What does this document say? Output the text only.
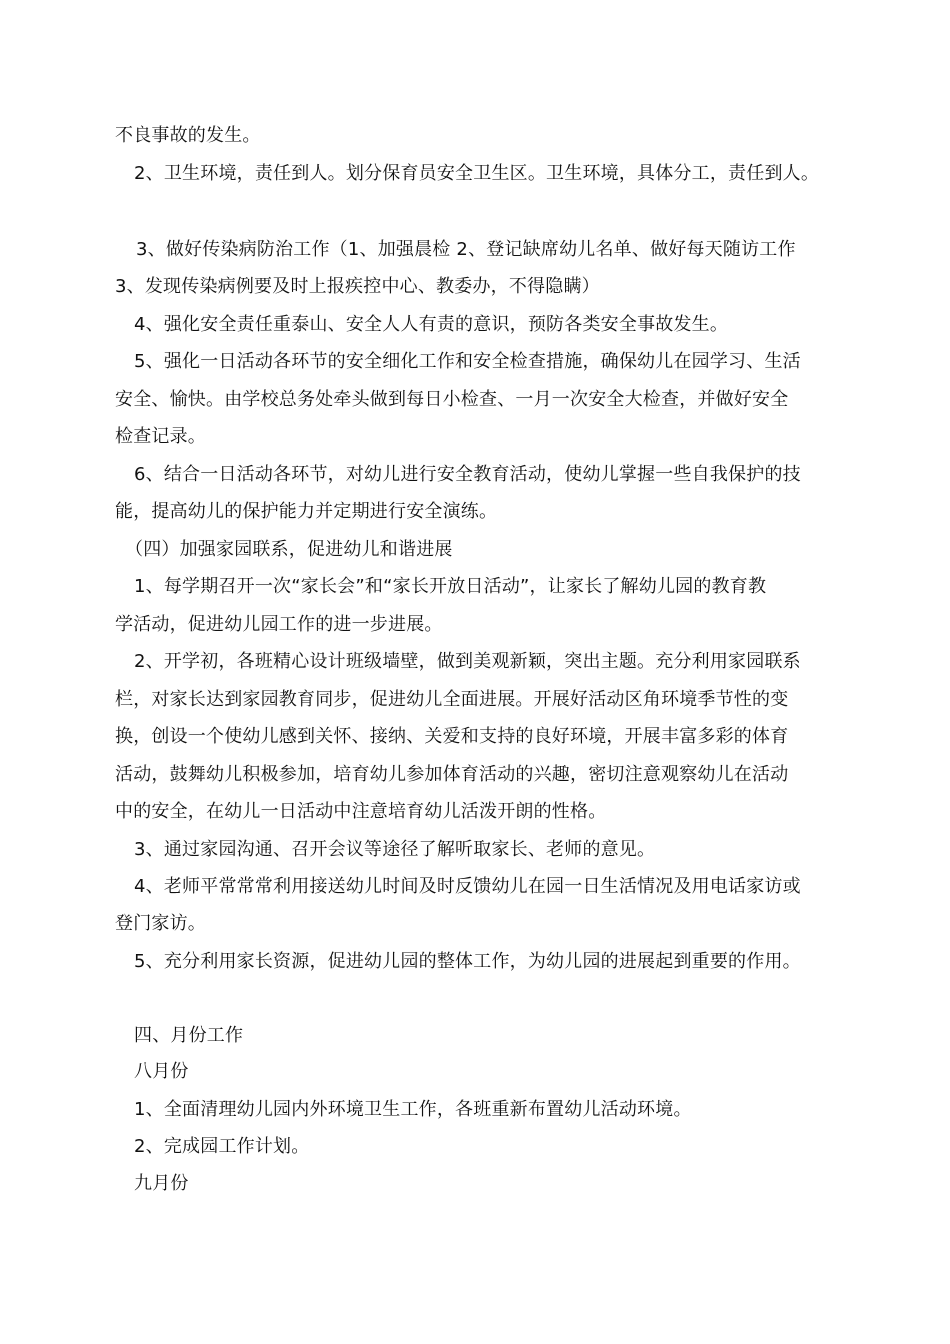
不良事故的发生。
2、卫生环境，责任到人。划分保育员安全卫生区。卫生环境，具体分工，责任到人。
3、做好传染病防治工作（1、加强晨检 2、登记缺席幼儿名单、做好每天随访工作
3、发现传染病例要及时上报疾控中心、教委办，不得隐瞒）
4、强化安全责任重泰山、安全人人有责的意识，预防各类安全事故发生。
5、强化一日活动各环节的安全细化工作和安全检查措施，确保幼儿在园学习、生活
安全、愉快。由学校总务处牵头做到每日小检查、一月一次安全大检查，并做好安全
检查记录。
6、结合一日活动各环节，对幼儿进行安全教育活动，使幼儿掌握一些自我保护的技
能，提高幼儿的保护能力并定期进行安全演练。
（四）加强家园联系，促进幼儿和谐进展
1、每学期召开一次“家长会”和“家长开放日活动”，让家长了解幼儿园的教育教
学活动，促进幼儿园工作的进一步进展。
2、开学初，各班精心设计班级墙壁，做到美观新颖，突出主题。充分利用家园联系
栏，对家长达到家园教育同步，促进幼儿全面进展。开展好活动区角环境季节性的变
换，创设一个使幼儿感到关怀、接纳、关爱和支持的良好环境，开展丰富多彩的体育
活动，鼓舞幼儿积极参加，培育幼儿参加体育活动的兴趣，密切注意观察幼儿在活动
中的安全，在幼儿一日活动中注意培育幼儿活泼开朗的性格。
3、通过家园沟通、召开会议等途径了解听取家长、老师的意见。
4、老师平常常常利用接送幼儿时间及时反馈幼儿在园一日生活情况及用电话家访或
登门家访。
5、充分利用家长资源，促进幼儿园的整体工作，为幼儿园的进展起到重要的作用。
四、月份工作
八月份
1、全面清理幼儿园内外环境卫生工作，各班重新布置幼儿活动环境。
2、完成园工作计划。
九月份
